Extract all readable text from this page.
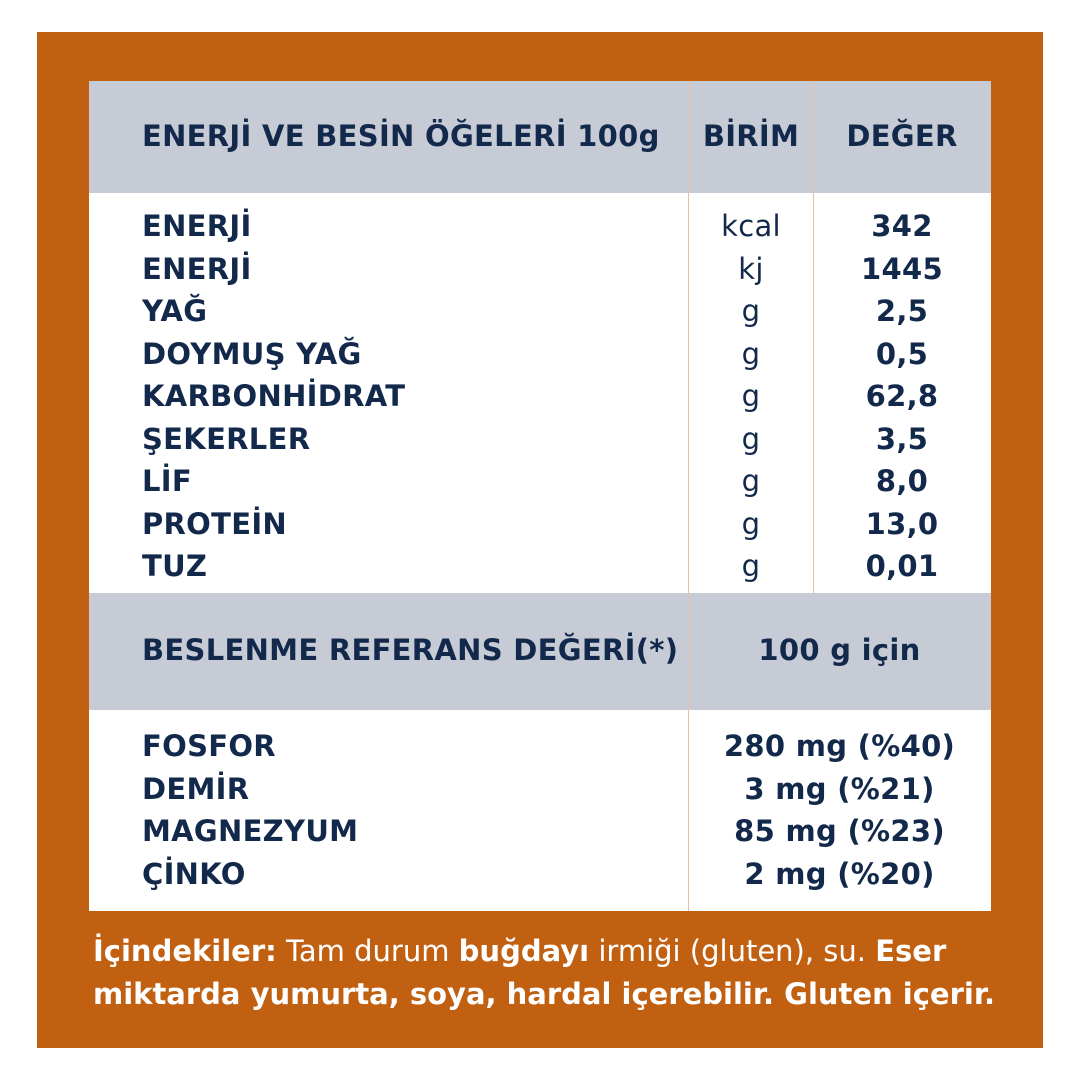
ENERJİ VE BESİN ÖĞELERİ 100g	BİRİM	DEĞER
ENERJİ	kcal	342
ENERJİ	kj	1445
YAĞ	g	2,5
DOYMUŞ YAĞ	g	0,5
KARBONHİDRAT	g	62,8
ŞEKERLER	g	3,5
LİF	g	8,0
PROTEİN	g	13,0
TUZ	g	0,01
BESLENME REFERANS DEĞERİ(*)	100 g için
FOSFOR	280 mg (%40)
DEMİR	3 mg (%21)
MAGNEZYUM	85 mg (%23)
ÇİNKO	2 mg (%20)
İçindekiler: Tam durum buğdayı irmiği (gluten), su. Eser miktarda yumurta, soya, hardal içerebilir. Gluten içerir.
